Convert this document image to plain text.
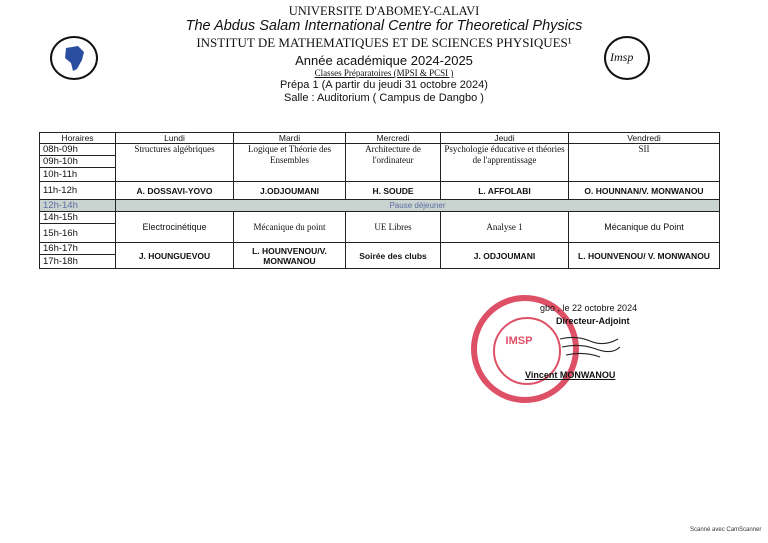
Imsp
UNIVERSITE D'ABOMEY-CALAVI
The Abdus Salam International Centre for Theoretical Physics
INSTITUT DE MATHEMATIQUES ET DE SCIENCES PHYSIQUES¹
Année académique 2024-2025
Classes Préparatoires (MPSI & PCSI )
Prépa 1 (A partir du jeudi 31 octobre 2024)
Salle : Auditorium ( Campus de Dangbo )
Horaires	Lundi	Mardi	Mercredi	Jeudi	Vendredi
08h-09h	Structures algébriques	Logique et Théorie des Ensembles	Architecture de l'ordinateur	Psychologie éducative et théories de l'apprentissage	SII
09h-10h					
10h-11h					
11h-12h	A. DOSSAVI-YOVO	J.ODJOUMANI	H. SOUDE	L. AFFOLABI	O. HOUNNAN/V. MONWANOU
12h-14h	Pause déjeuner				
14h-15h	Electrocinétique	Mécanique du point	UE Libres	Analyse 1	Mécanique du Point
15h-16h					
16h-17h	J. HOUNGUEVOU	L. HOUNVENOU/V. MONWANOU	Soirée des clubs	J. ODJOUMANI	L. HOUNVENOU/ V. MONWANOU
17h-18h					
IMSP
gbo , le 22 octobre 2024
Directeur-Adjoint
Vincent MONWANOU
Scanné avec CamScanner
